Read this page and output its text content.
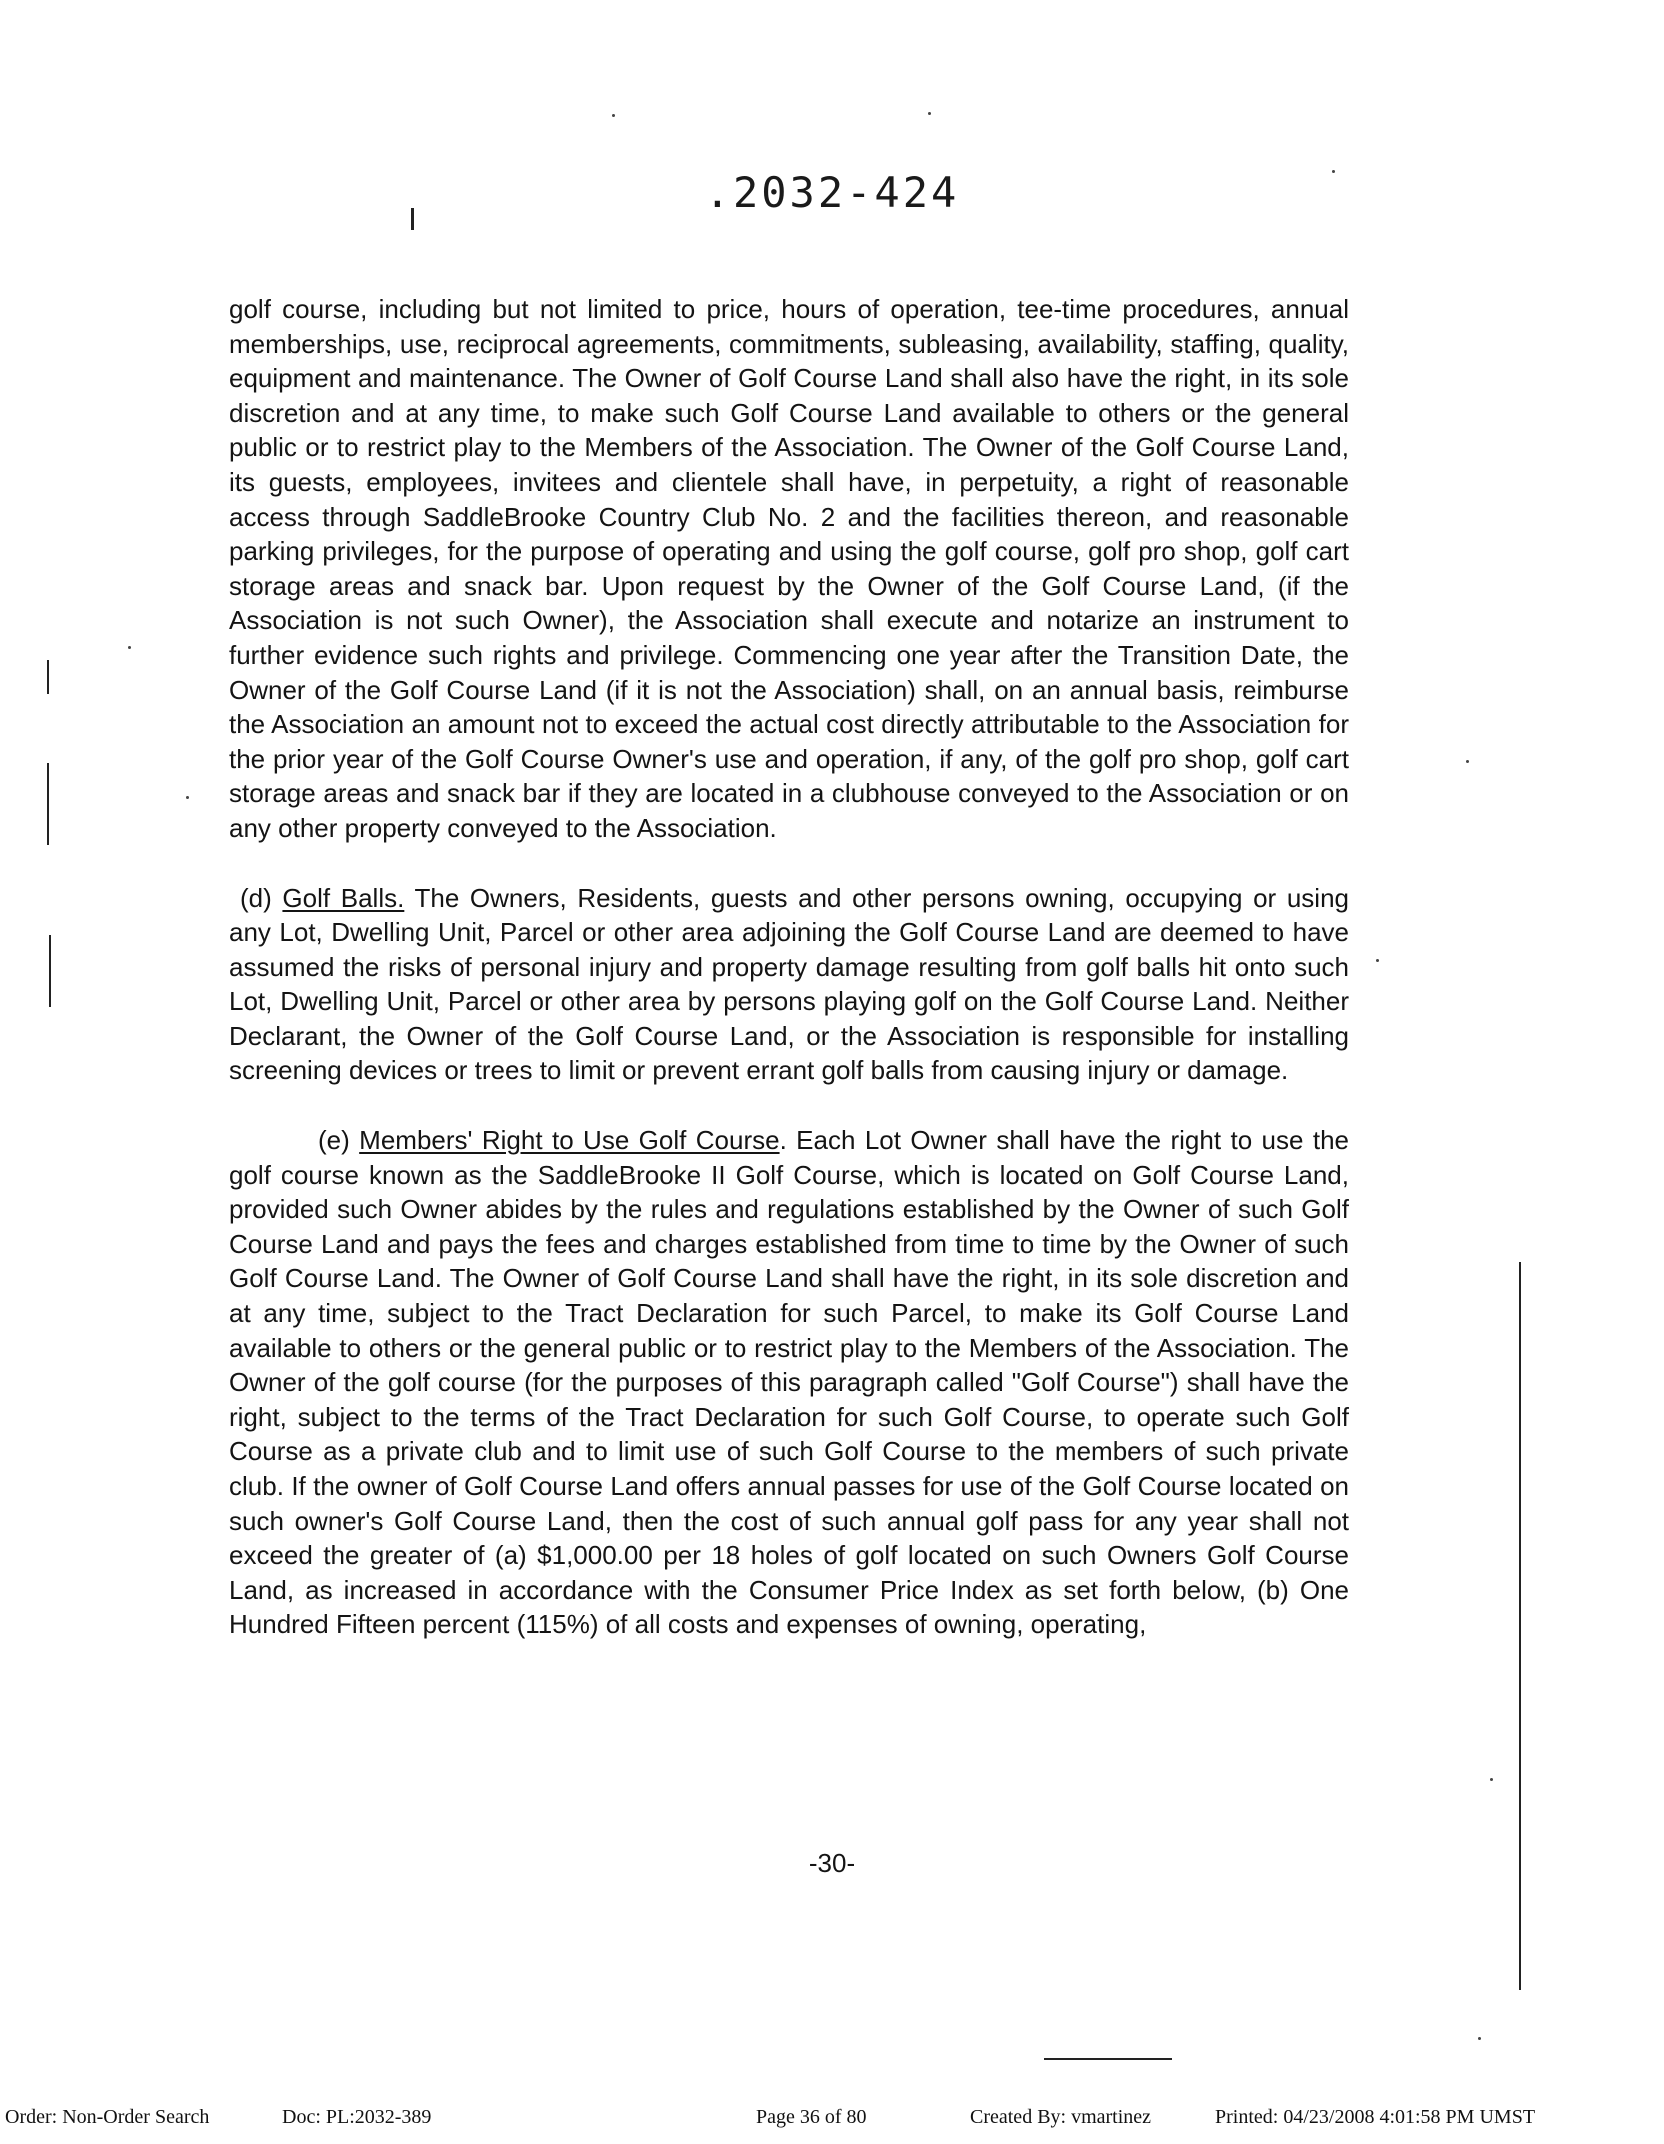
.2032-424

golf course, including but not limited to price, hours of operation, tee-time procedures, annual memberships, use, reciprocal agreements, commitments, subleasing, availability, staffing, quality, equipment and maintenance. The Owner of Golf Course Land shall also have the right, in its sole discretion and at any time, to make such Golf Course Land available to others or the general public or to restrict play to the Members of the Association. The Owner of the Golf Course Land, its guests, employees, invitees and clientele shall have, in perpetuity, a right of reasonable access through SaddleBrooke Country Club No. 2 and the facilities thereon, and reasonable parking privileges, for the purpose of operating and using the golf course, golf pro shop, golf cart storage areas and snack bar. Upon request by the Owner of the Golf Course Land, (if the Association is not such Owner), the Association shall execute and notarize an instrument to further evidence such rights and privilege. Commencing one year after the Transition Date, the Owner of the Golf Course Land (if it is not the Association) shall, on an annual basis, reimburse the Association an amount not to exceed the actual cost directly attributable to the Association for the prior year of the Golf Course Owner's use and operation, if any, of the golf pro shop, golf cart storage areas and snack bar if they are located in a clubhouse conveyed to the Association or on any other property conveyed to the Association.

(d) Golf Balls. The Owners, Residents, guests and other persons owning, occupying or using any Lot, Dwelling Unit, Parcel or other area adjoining the Golf Course Land are deemed to have assumed the risks of personal injury and property damage resulting from golf balls hit onto such Lot, Dwelling Unit, Parcel or other area by persons playing golf on the Golf Course Land. Neither Declarant, the Owner of the Golf Course Land, or the Association is responsible for installing screening devices or trees to limit or prevent errant golf balls from causing injury or damage.

(e) Members' Right to Use Golf Course. Each Lot Owner shall have the right to use the golf course known as the SaddleBrooke II Golf Course, which is located on Golf Course Land, provided such Owner abides by the rules and regulations established by the Owner of such Golf Course Land and pays the fees and charges established from time to time by the Owner of such Golf Course Land. The Owner of Golf Course Land shall have the right, in its sole discretion and at any time, subject to the Tract Declaration for such Parcel, to make its Golf Course Land available to others or the general public or to restrict play to the Members of the Association. The Owner of the golf course (for the purposes of this paragraph called "Golf Course") shall have the right, subject to the terms of the Tract Declaration for such Golf Course, to operate such Golf Course as a private club and to limit use of such Golf Course to the members of such private club. If the owner of Golf Course Land offers annual passes for use of the Golf Course located on such owner's Golf Course Land, then the cost of such annual golf pass for any year shall not exceed the greater of (a) $1,000.00 per 18 holes of golf located on such Owners Golf Course Land, as increased in accordance with the Consumer Price Index as set forth below, (b) One Hundred Fifteen percent (115%) of all costs and expenses of owning, operating,

-30-
Order: Non-Order Search	Doc: PL:2032-389	Page 36 of 80	Created By: vmartinez	Printed: 04/23/2008 4:01:58 PM UMST
